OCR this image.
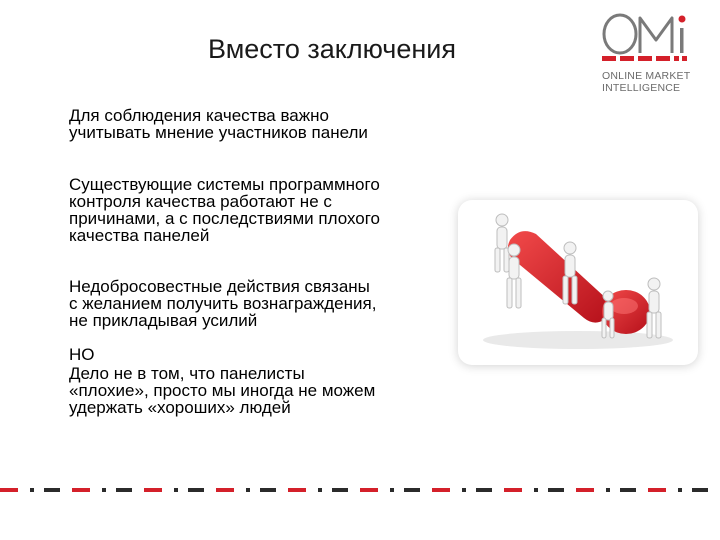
Вместо заключения
ONLINE MARKET
INTELLIGENCE
Для соблюдения качества важно
учитывать мнение участников панели
Существующие системы программного
контроля качества работают не с
причинами, а с последствиями плохого
качества панелей
Недобросовестные действия связаны
с желанием получить вознаграждения,
не прикладывая усилий
НО
Дело не в том, что панелисты
«плохие», просто мы иногда не можем
удержать «хороших» людей
